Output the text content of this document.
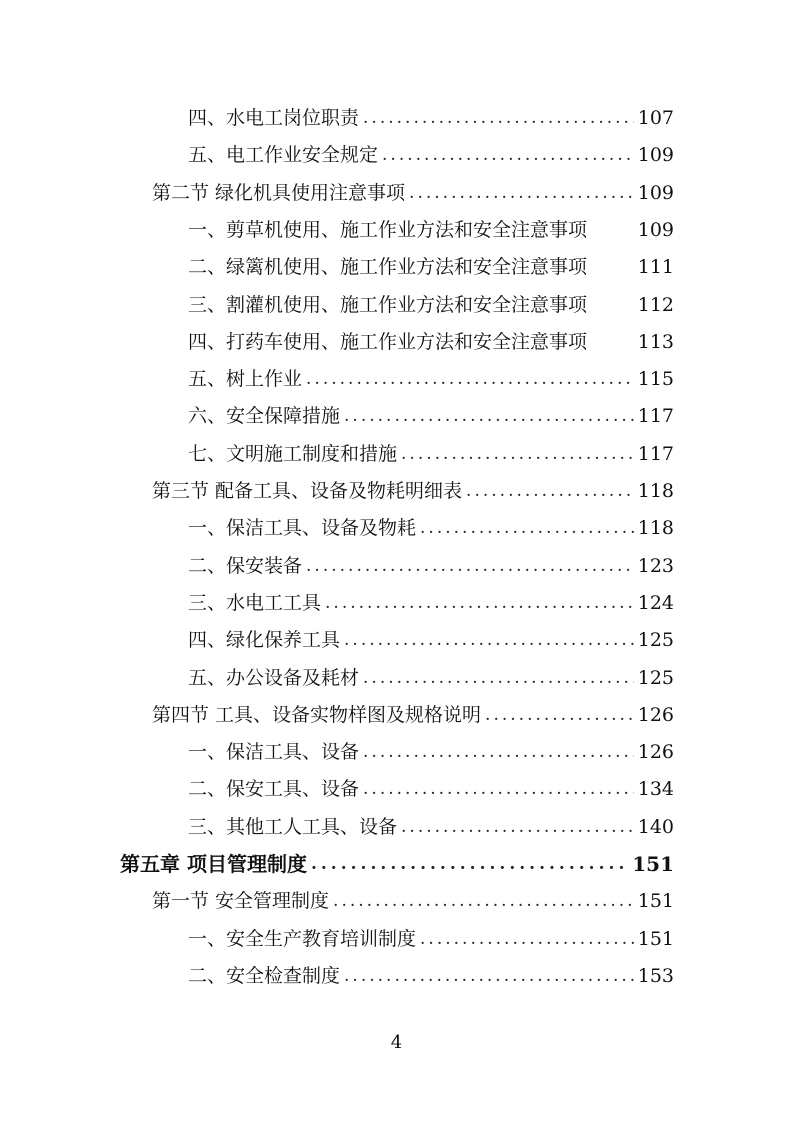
四、水电工岗位职责 .....	107
五、电工作业安全规定 .....	109
第二节 绿化机具使用注意事项 .....	109
一、剪草机使用、施工作业方法和安全注意事项	109
二、绿篱机使用、施工作业方法和安全注意事项	111
三、割灌机使用、施工作业方法和安全注意事项	112
四、打药车使用、施工作业方法和安全注意事项	113
五、树上作业 .....	115
六、安全保障措施 .....	117
七、文明施工制度和措施 .....	117
第三节 配备工具、设备及物耗明细表 .....	118
一、保洁工具、设备及物耗 .....	118
二、保安装备 .....	123
三、水电工工具 .....	124
四、绿化保养工具 .....	125
五、办公设备及耗材 .....	125
第四节 工具、设备实物样图及规格说明 .....	126
一、保洁工具、设备 .....	126
二、保安工具、设备 .....	134
三、其他工人工具、设备 .....	140
第五章 项目管理制度 .....	151
第一节 安全管理制度 .....	151
一、安全生产教育培训制度 .....	151
二、安全检查制度 .....	153
4
